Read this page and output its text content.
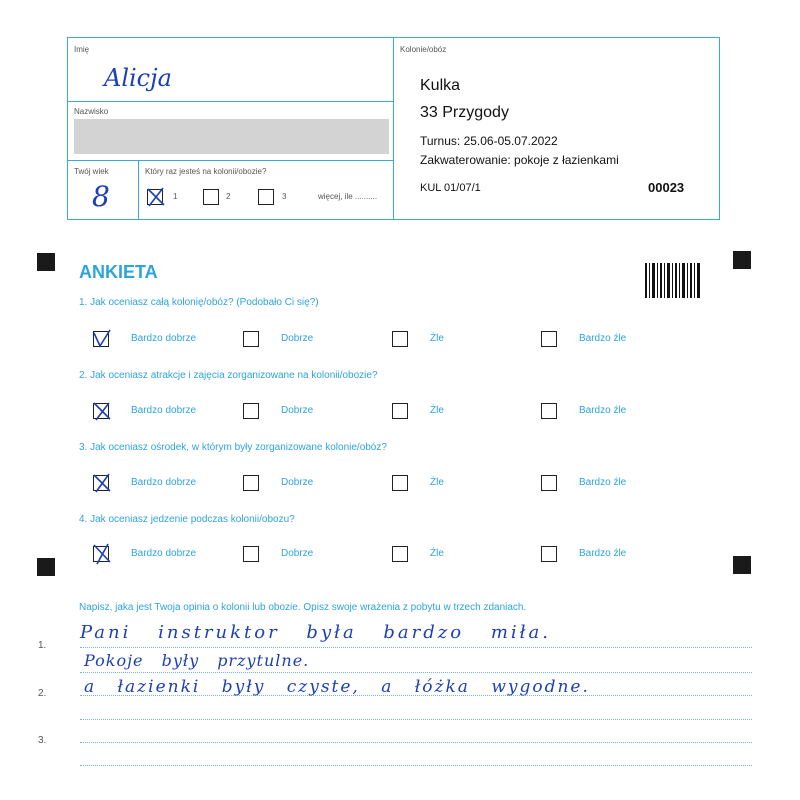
Imię
Alicja
Nazwisko
Twój wiek
8
Który raz jesteś na kolonii/obozie?
1	2	3	więcej, ile ..........
Kolonie/obóz
Kulka
33 Przygody
Turnus: 25.06-05.07.2022
Zakwaterowanie: pokoje z łazienkami
KUL 01/07/1	00023
ANKIETA
1. Jak oceniasz całą kolonię/obóz? (Podobało Ci się?)
Bardzo dobrze	Dobrze	Źle	Bardzo źle
2. Jak oceniasz atrakcje i zajęcia zorganizowane na kolonii/obozie?
Bardzo dobrze	Dobrze	Źle	Bardzo źle
3. Jak oceniasz ośrodek, w którym były zorganizowane kolonie/obóz?
Bardzo dobrze	Dobrze	Źle	Bardzo źle
4. Jak oceniasz jedzenie podczas kolonii/obozu?
Bardzo dobrze	Dobrze	Źle	Bardzo źle
Napisz, jaka jest Twoja opinia o kolonii lub obozie. Opisz swoje wrażenia z pobytu w trzech zdaniach.
1.
2.
3.
Pani instruktor była bardzo miła.
Pokoje były przytulne.
a łazienki były czyste, a łóżka wygodne.
